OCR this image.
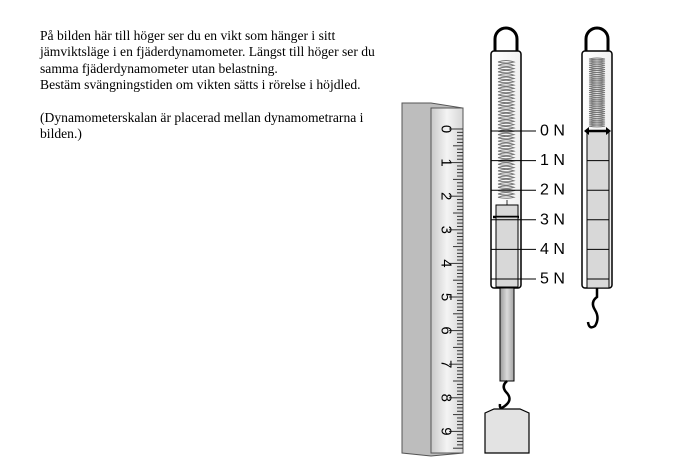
På bilden här till höger ser du en vikt som hänger i sitt jämviktsläge i en fjäderdynamometer. Längst till höger ser du samma fjäderdynamometer utan belastning.

Bestäm svängningstiden om vikten sätts i rörelse i höjdled.

(Dynamometerskalan är placerad mellan dynamometrarna i bilden.)	0
1
2
3
4
5
6
7
8
9
0 N
1 N
2 N
3 N
4 N
5 N
